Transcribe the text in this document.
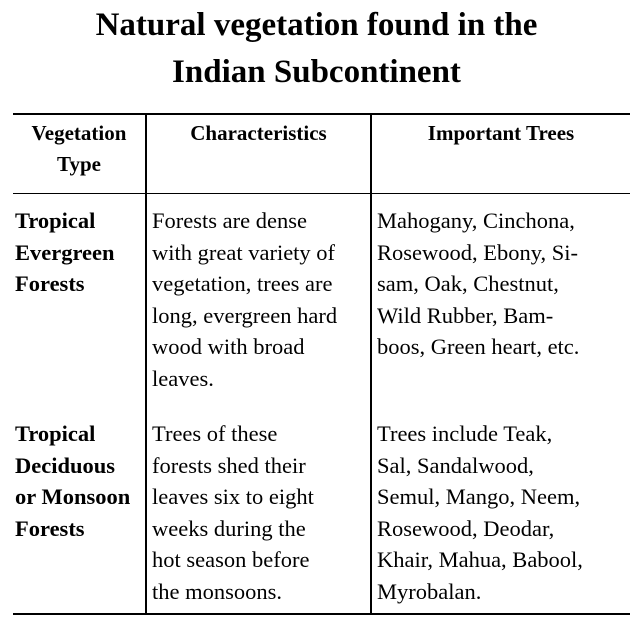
Natural vegetation found in the
Indian Subcontinent
Vegetation
Type
Characteristics	Important Trees
Tropical
Evergreen
Forests
Forests are dense
with great variety of
vegetation, trees are
long, evergreen hard
wood with broad
leaves.
Mahogany, Cinchona,
Rosewood, Ebony, Si-
sam, Oak, Chestnut,
Wild Rubber, Bam-
boos, Green heart, etc.
Tropical
Deciduous
or Monsoon
Forests
Trees of these
forests shed their
leaves six to eight
weeks during the
hot season before
the monsoons.
Trees include Teak,
Sal, Sandalwood,
Semul, Mango, Neem,
Rosewood, Deodar,
Khair, Mahua, Babool,
Myrobalan.
